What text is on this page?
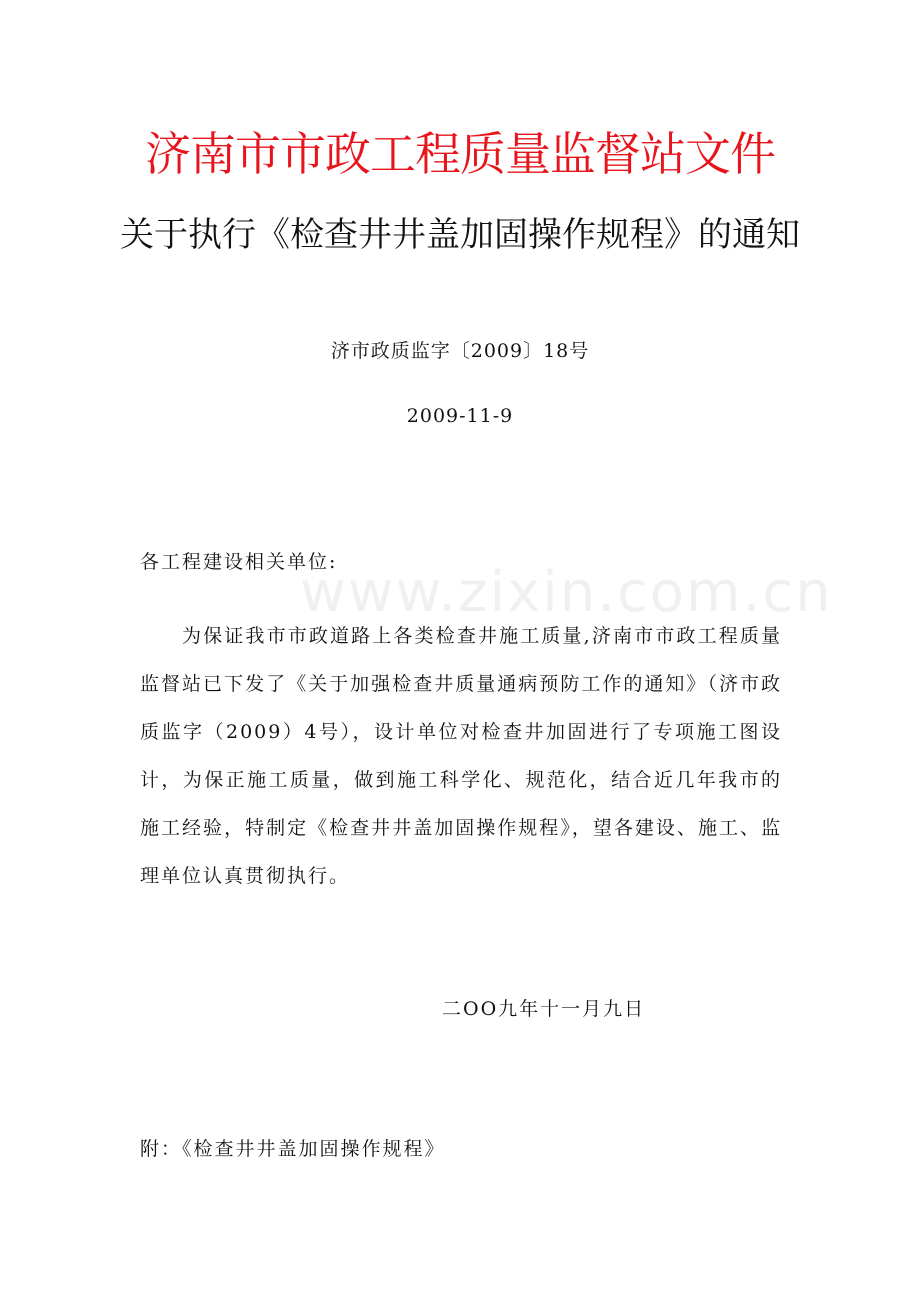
www.zixin.com.cn
济南市市政工程质量监督站文件
关于执行《检查井井盖加固操作规程》的通知
济市政质监字〔2009〕18号
2009-11-9
各工程建设相关单位:
为保证我市市政道路上各类检查井施工质量,济南市市政工程质量监督站已下发了《关于加强检查井质量通病预防工作的通知》（济市政质监字（2009）4号），设计单位对检查井加固进行了专项施工图设计，为保正施工质量，做到施工科学化、规范化，结合近几年我市的施工经验，特制定《检查井井盖加固操作规程》，望各建设、施工、监理单位认真贯彻执行。
二OO九年十一月九日
附：《检查井井盖加固操作规程》
